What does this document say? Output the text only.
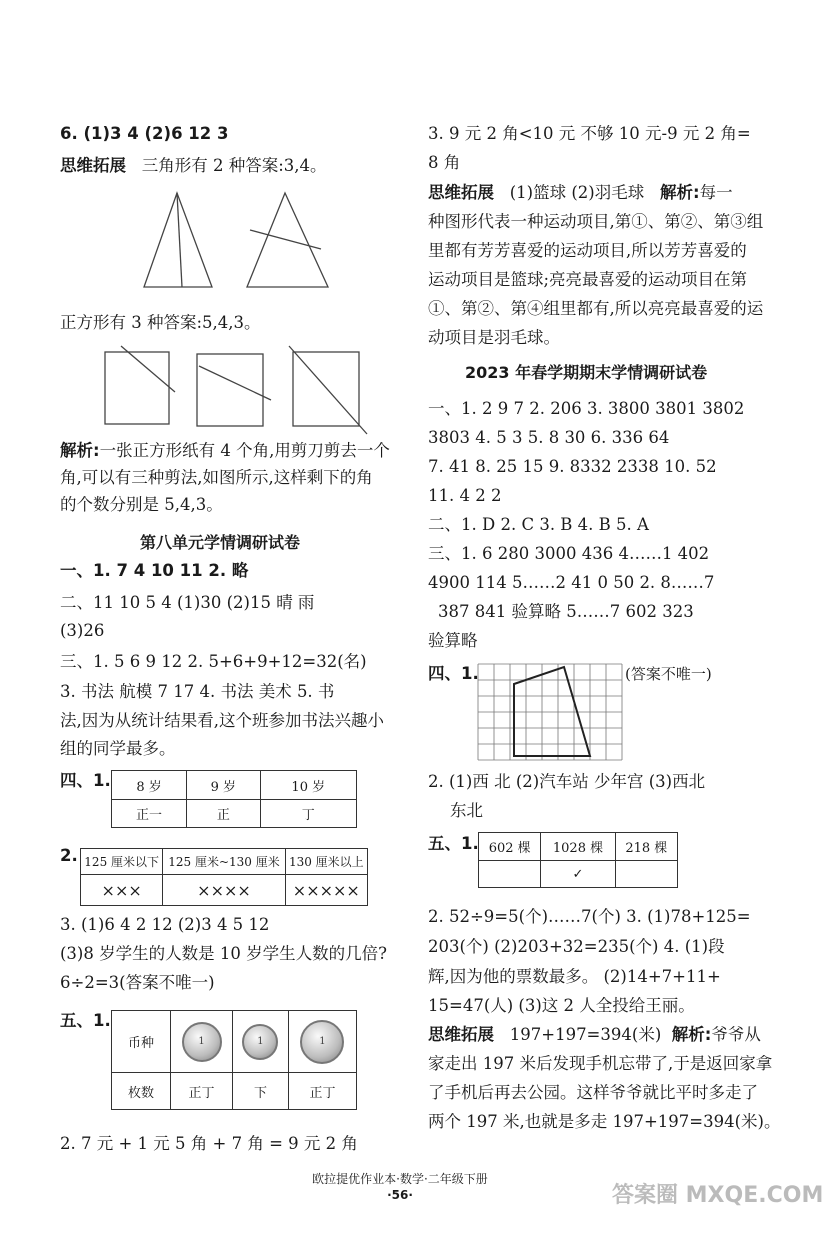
6. (1)3 4 (2)6 12 3
思维拓展 三角形有 2 种答案:3,4。
正方形有 3 种答案:5,4,3。
解析:一张正方形纸有 4 个角,用剪刀剪去一个
角,可以有三种剪法,如图所示,这样剩下的角
的个数分别是 5,4,3。
第八单元学情调研试卷
一、1. 7 4 10 11 2. 略
二、11 10 5 4 (1)30 (2)15 晴 雨
(3)26
三、1. 5 6 9 12 2. 5+6+9+12=32(名)
3. 书法 航模 7 17 4. 书法 美术 5. 书
法,因为从统计结果看,这个班参加书法兴趣小
组的同学最多。
四、1. 8 岁	9 岁	10 岁
正一	正	丁
2. 125 厘米以下	125 厘米~130 厘米	130 厘米以上
×××	××××	×××××
3. (1)6 4 2 12 (2)3 4 5 12
(3)8 岁学生的人数是 10 岁学生人数的几倍?
6÷2=3(答案不唯一)
五、1.
币种	1	1	1

枚数	正丁	下	正丁
2. 7 元 + 1 元 5 角 + 7 角 = 9 元 2 角
3. 9 元 2 角<10 元 不够 10 元-9 元 2 角=
8 角
思维拓展 (1)篮球 (2)羽毛球 解析:每一
种图形代表一种运动项目,第①、第②、第③组
里都有芳芳喜爱的运动项目,所以芳芳喜爱的
运动项目是篮球;亮亮最喜爱的运动项目在第
①、第②、第④组里都有,所以亮亮最喜爱的运
动项目是羽毛球。
2023 年春学期期末学情调研试卷
一、1. 2 9 7 2. 206 3. 3800 3801 3802
3803 4. 5 3 5. 8 30 6. 336 64
7. 41 8. 25 15 9. 8332 2338 10. 52
11. 4 2 2
二、1. D 2. C 3. B 4. B 5. A
三、1. 6 280 3000 436 4……1 402
4900 114 5……2 41 0 50 2. 8……7
387 841 验算略 5……7 602 323
验算略
四、1.	(答案不唯一)
2. (1)西 北 (2)汽车站 少年宫 (3)西北
东北
五、1. 602 棵	1028 棵	218 棵
	✓	
2. 52÷9=5(个)……7(个) 3. (1)78+125=
203(个) (2)203+32=235(个) 4. (1)段
辉,因为他的票数最多。 (2)14+7+11+
15=47(人) (3)这 2 人全投给王丽。
思维拓展 197+197=394(米) 解析:爷爷从
家走出 197 米后发现手机忘带了,于是返回家拿
了手机后再去公园。这样爷爷就比平时多走了
两个 197 米,也就是多走 197+197=394(米)。
欧拉提优作业本·数学·二年级下册
·56·	答案圈 MXQE.COM
